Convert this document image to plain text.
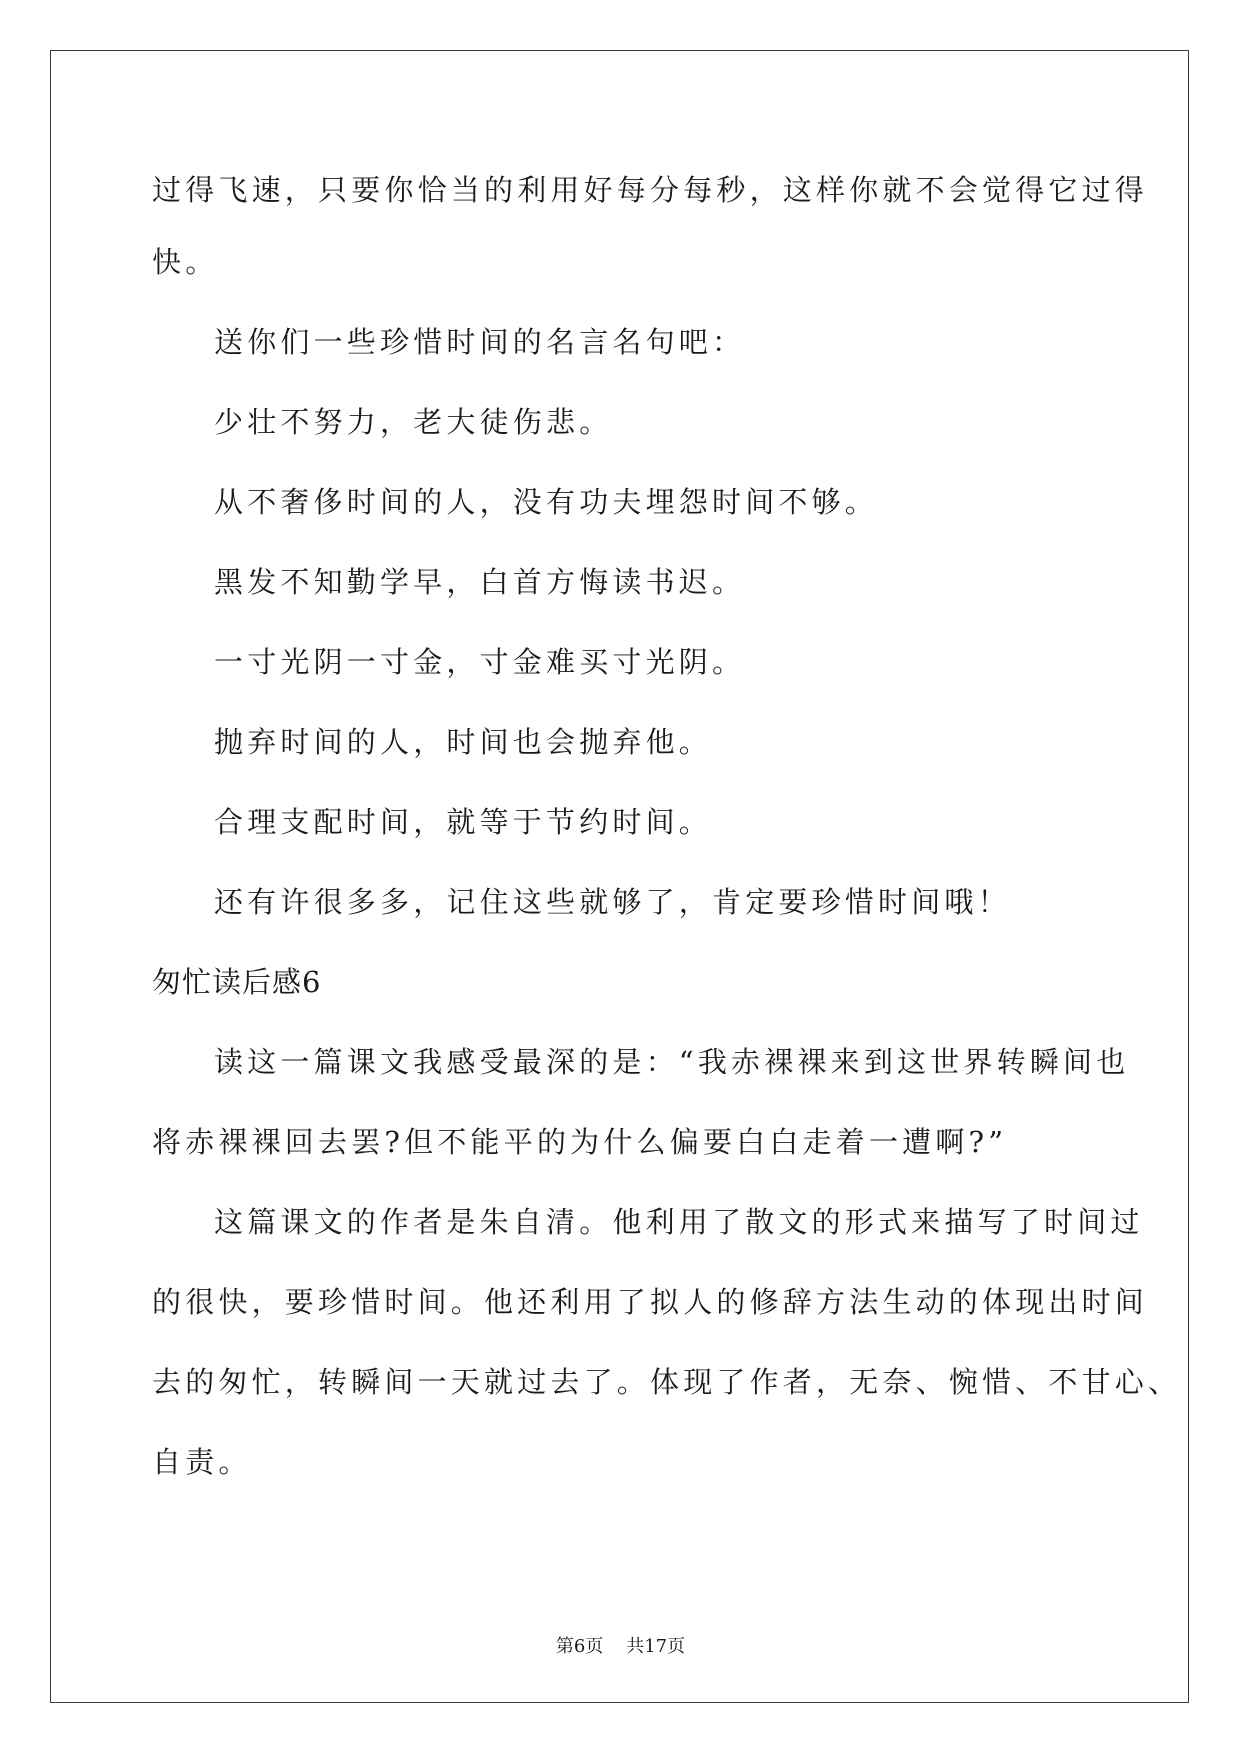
过得飞速，只要你恰当的利用好每分每秒，这样你就不会觉得它过得
快。
送你们一些珍惜时间的名言名句吧：
少壮不努力，老大徒伤悲。
从不奢侈时间的人，没有功夫埋怨时间不够。
黑发不知勤学早，白首方悔读书迟。
一寸光阴一寸金，寸金难买寸光阴。
抛弃时间的人，时间也会抛弃他。
合理支配时间，就等于节约时间。
还有许很多多，记住这些就够了，肯定要珍惜时间哦！
匆忙读后感6
读这一篇课文我感受最深的是：“我赤裸裸来到这世界转瞬间也
将赤裸裸回去罢?但不能平的为什么偏要白白走着一遭啊?”
这篇课文的作者是朱自清。他利用了散文的形式来描写了时间过
的很快，要珍惜时间。他还利用了拟人的修辞方法生动的体现出时间
去的匆忙，转瞬间一天就过去了。体现了作者，无奈、惋惜、不甘心、
自责。
第6页 共17页
